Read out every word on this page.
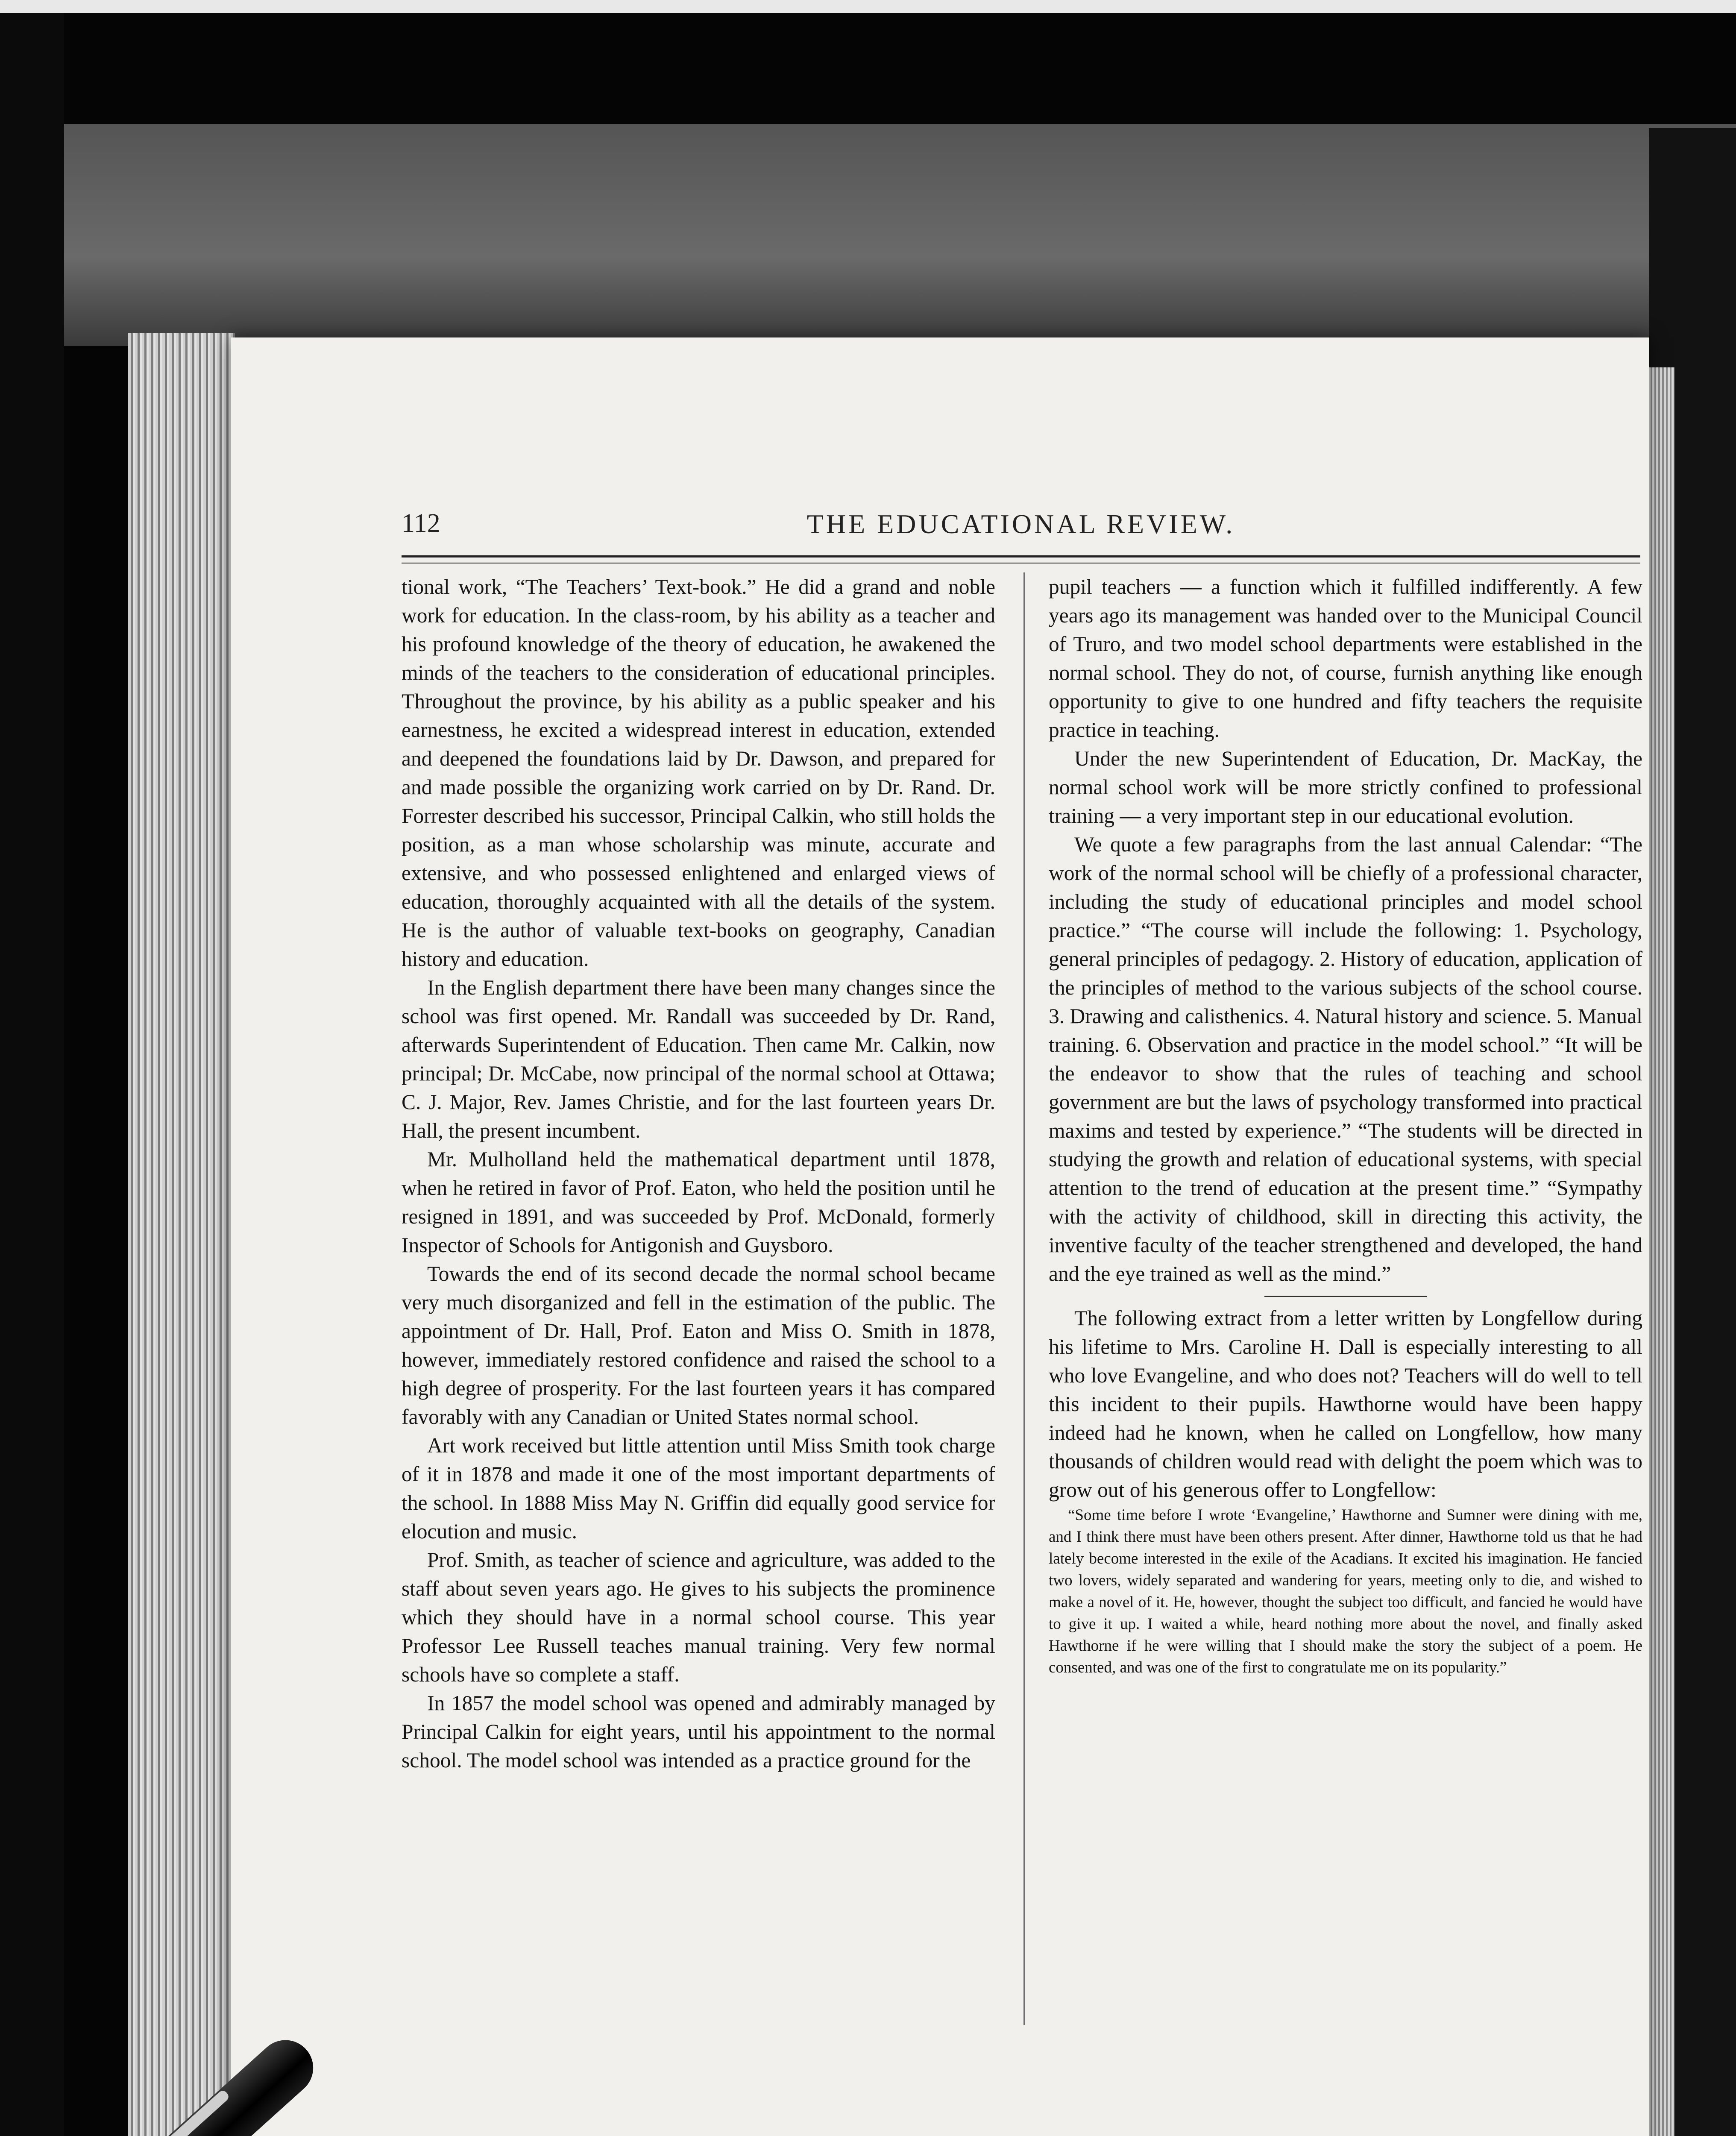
112	THE EDUCATIONAL REVIEW.

tional work, “The Teachers’ Text-book.” He did a grand and noble work for education. In the class-room, by his ability as a teacher and his profound knowledge of the theory of education, he awakened the minds of the teachers to the consideration of educational principles. Throughout the province, by his ability as a public speaker and his earnestness, he excited a widespread interest in education, extended and deepened the foundations laid by Dr. Dawson, and prepared for and made possible the organizing work carried on by Dr. Rand. Dr. Forrester described his successor, Principal Calkin, who still holds the position, as a man whose scholarship was minute, accurate and extensive, and who possessed enlightened and enlarged views of education, thoroughly acquainted with all the details of the system. He is the author of valuable text-books on geography, Canadian history and education.

In the English department there have been many changes since the school was first opened. Mr. Randall was succeeded by Dr. Rand, afterwards Superintendent of Education. Then came Mr. Calkin, now principal; Dr. McCabe, now principal of the normal school at Ottawa; C. J. Major, Rev. James Christie, and for the last fourteen years Dr. Hall, the present incumbent.

Mr. Mulholland held the mathematical department until 1878, when he retired in favor of Prof. Eaton, who held the position until he resigned in 1891, and was succeeded by Prof. McDonald, formerly Inspector of Schools for Antigonish and Guysboro.

Towards the end of its second decade the normal school became very much disorganized and fell in the estimation of the public. The appointment of Dr. Hall, Prof. Eaton and Miss O. Smith in 1878, however, immediately restored confidence and raised the school to a high degree of prosperity. For the last fourteen years it has compared favorably with any Canadian or United States normal school.

Art work received but little attention until Miss Smith took charge of it in 1878 and made it one of the most important departments of the school. In 1888 Miss May N. Griffin did equally good service for elocution and music.

Prof. Smith, as teacher of science and agriculture, was added to the staff about seven years ago. He gives to his subjects the prominence which they should have in a normal school course. This year Professor Lee Russell teaches manual training. Very few normal schools have so complete a staff.

In 1857 the model school was opened and admirably managed by Principal Calkin for eight years, until his appointment to the normal school. The model school was intended as a practice ground for the

pupil teachers — a function which it fulfilled indifferently. A few years ago its management was handed over to the Municipal Council of Truro, and two model school departments were established in the normal school. They do not, of course, furnish anything like enough opportunity to give to one hundred and fifty teachers the requisite practice in teaching.

Under the new Superintendent of Education, Dr. MacKay, the normal school work will be more strictly confined to professional training — a very important step in our educational evolution.

We quote a few paragraphs from the last annual Calendar: “The work of the normal school will be chiefly of a professional character, including the study of educational principles and model school practice.” “The course will include the following: 1. Psychology, general principles of pedagogy. 2. History of education, application of the principles of method to the various subjects of the school course. 3. Drawing and calisthenics. 4. Natural history and science. 5. Manual training. 6. Observation and practice in the model school.” “It will be the endeavor to show that the rules of teaching and school government are but the laws of psychology transformed into practical maxims and tested by experience.” “The students will be directed in studying the growth and relation of educational systems, with special attention to the trend of education at the present time.” “Sympathy with the activity of childhood, skill in directing this activity, the inventive faculty of the teacher strengthened and developed, the hand and the eye trained as well as the mind.”

The following extract from a letter written by Longfellow during his lifetime to Mrs. Caroline H. Dall is especially interesting to all who love Evangeline, and who does not? Teachers will do well to tell this incident to their pupils. Hawthorne would have been happy indeed had he known, when he called on Longfellow, how many thousands of children would read with delight the poem which was to grow out of his generous offer to Longfellow:

“Some time before I wrote ‘Evangeline,’ Hawthorne and Sumner were dining with me, and I think there must have been others present. After dinner, Hawthorne told us that he had lately become interested in the exile of the Acadians. It excited his imagination. He fancied two lovers, widely separated and wandering for years, meeting only to die, and wished to make a novel of it. He, however, thought the subject too difficult, and fancied he would have to give it up. I waited a while, heard nothing more about the novel, and finally asked Hawthorne if he were willing that I should make the story the subject of a poem. He consented, and was one of the first to congratulate me on its popularity.”
